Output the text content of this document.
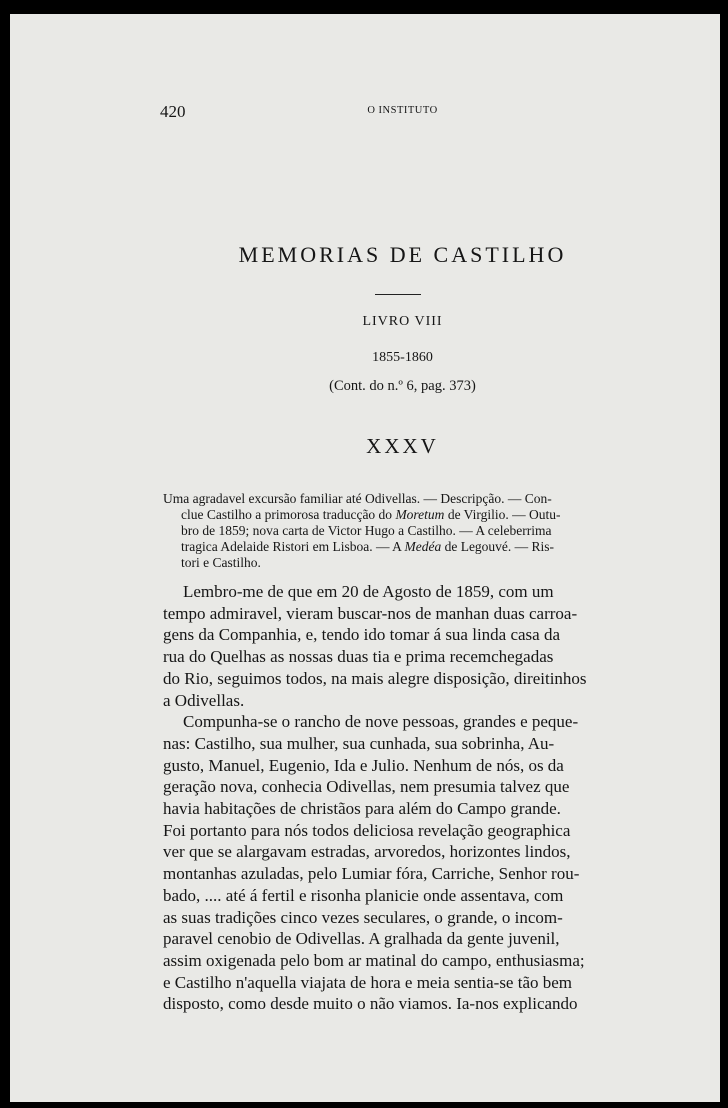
420	O INSTITUTO
MEMORIAS DE CASTILHO
LIVRO VIII
1855-1860
(Cont. do n.º 6, pag. 373)
XXXV
Uma agradavel excursão familiar até Odivellas. — Descripção. — Con-
clue Castilho a primorosa traducção do Moretum de Virgilio. — Outu-
bro de 1859; nova carta de Victor Hugo a Castilho. — A celeberrima
tragica Adelaide Ristori em Lisboa. — A Medéa de Legouvé. — Ris-
tori e Castilho.
Lembro-me de que em 20 de Agosto de 1859, com um
tempo admiravel, vieram buscar-nos de manhan duas carroa-
gens da Companhia, e, tendo ido tomar á sua linda casa da
rua do Quelhas as nossas duas tia e prima recemchegadas
do Rio, seguimos todos, na mais alegre disposição, direitinhos
a Odivellas.
Compunha-se o rancho de nove pessoas, grandes e peque-
nas: Castilho, sua mulher, sua cunhada, sua sobrinha, Au-
gusto, Manuel, Eugenio, Ida e Julio. Nenhum de nós, os da
geração nova, conhecia Odivellas, nem presumia talvez que
havia habitações de christãos para além do Campo grande.
Foi portanto para nós todos deliciosa revelação geographica
ver que se alargavam estradas, arvoredos, horizontes lindos,
montanhas azuladas, pelo Lumiar fóra, Carriche, Senhor rou-
bado, .... até á fertil e risonha planicie onde assentava, com
as suas tradições cinco vezes seculares, o grande, o incom-
paravel cenobio de Odivellas. A gralhada da gente juvenil,
assim oxigenada pelo bom ar matinal do campo, enthusiasma;
e Castilho n'aquella viajata de hora e meia sentia-se tão bem
disposto, como desde muito o não viamos. Ia-nos explicando
